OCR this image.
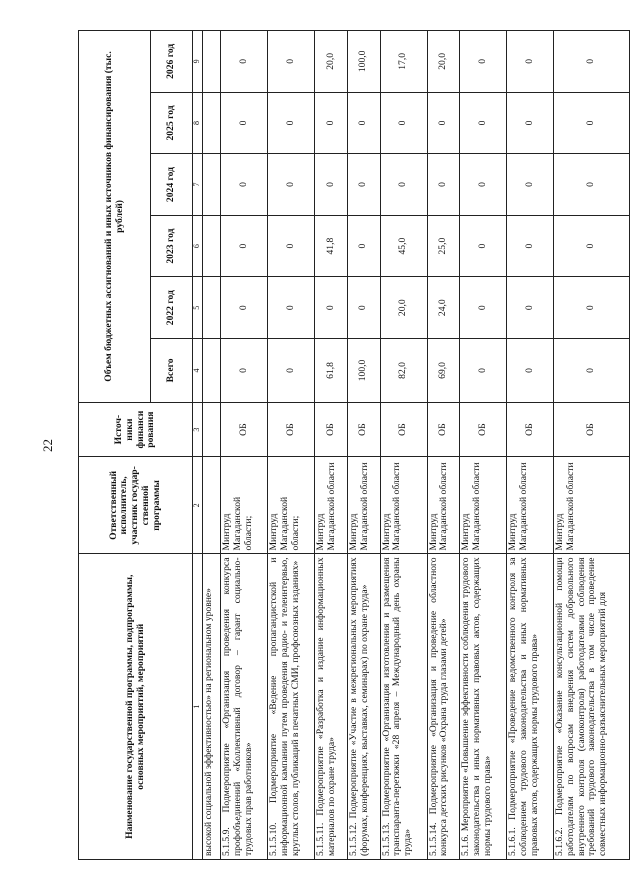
22
Наименование государственной программы, подпрограммы, основных мероприятий, мероприятий	Ответственный исполнитель, участник государ-ственной программы	Источ-ники финанси рования	Объем бюджетных ассигнований и иных источников финансирования (тыс. рублей)					
			Всего	2022 год	2023 год	2024 год	2025 год	2026 год
1	2	3	4	5	6	7	8	9
высокой социальной эффективностью» на региональном уровне»								
5.1.5.9. Подмероприятие «Организация проведения конкурса профобъединений «Коллективный договор – гарант социально-трудовых прав работников»	Минтруд Магаданской области;	ОБ	0	0	0	0	0	0
5.1.5.10. Подмероприятие «Ведение пропагандистской и информационной кампании путем проведения радио- и телеинтервью, круглых столов, публикаций в печатных СМИ, профсоюзных изданиях»	Минтруд Магаданской области;	ОБ	0	0	0	0	0	0
5.1.5.11. Подмероприятие «Разработка и издание информационных материалов по охране труда»	Минтруд Магаданской области	ОБ	61,8	0	41,8	0	0	20,0
5.1.5.12. Подмероприятие «Участие в межрегиональных мероприятиях (форумах, конференциях, выставках, семинарах) по охране труда»	Минтруд Магаданской области	ОБ	100,0	0	0	0	0	100,0
5.1.5.13. Подмероприятие «Организация изготовления и размещения транспаранта-перетяжки «28 апреля – Международный день охраны труда»	Минтруд Магаданской области	ОБ	82,0	20,0	45,0	0	0	17,0
5.1.5.14. Подмероприятие «Организация и проведение областного конкурса детских рисунков «Охрана труда глазами детей»	Минтруд Магаданской области	ОБ	69,0	24,0	25,0	0	0	20,0
5.1.6. Мероприятие «Повышение эффективности соблюдения трудового законодательства и иных нормативных правовых актов, содержащих нормы трудового права»	Минтруд Магаданской области	ОБ	0	0	0	0	0	0
5.1.6.1. Подмероприятие «Проведение ведомственного контроля за соблюдением трудового законодательства и иных нормативных правовых актов, содержащих нормы трудового права»	Минтруд Магаданской области	ОБ	0	0	0	0	0	0
5.1.6.2. Подмероприятие «Оказание консультационной помощи работодателям по вопросам внедрения систем добровольного внутреннего контроля (самоконтроля) работодателями соблюдения требований трудового законодательства в том числе проведение совместных информационно-разъяснительных мероприятий для	Минтруд Магаданской области	ОБ	0	0	0	0	0	0
